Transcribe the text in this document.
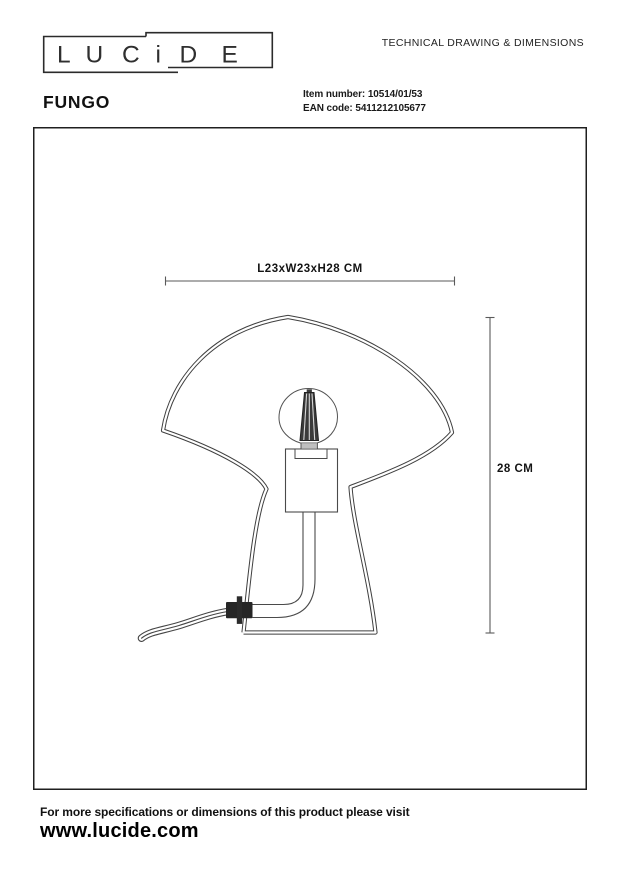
L U C i D E	TECHNICAL DRAWING & DIMENSIONS
FUNGO	Item number: 10514/01/53
EAN code: 5411212105677
L23xW23xH28 CM
28 CM
For more specifications or dimensions of this product please visit
www.lucide.com
